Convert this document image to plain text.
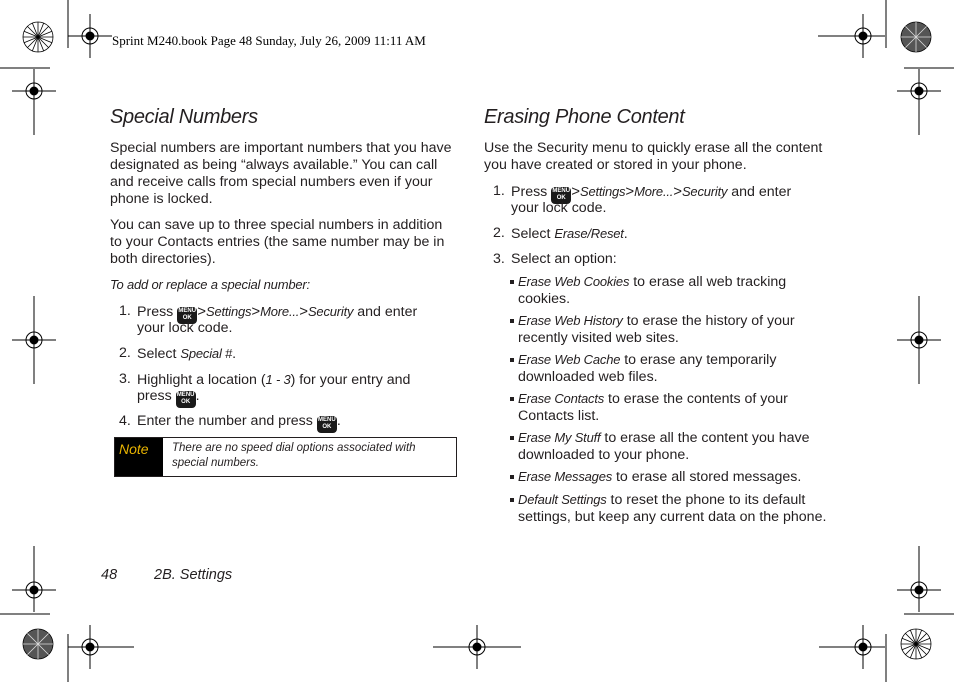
Sprint M240.book Page 48 Sunday, July 26, 2009 11:11 AM
Special Numbers
Special numbers are important numbers that you have
designated as being “always available.” You can call
and receive calls from special numbers even if your
phone is locked.
You can save up to three special numbers in addition
to your Contacts entries (the same number may be in
both directories).
To add or replace a special number:
1. Press MENU
OK >Settings>More...>Security and enter
your lock code.
2. Select Special #.
3. Highlight a location (1 - 3) for your entry and
press MENU
OK .
4. Enter the number and press MENU
OK .
Note There are no speed dial options associated with
special numbers.
Erasing Phone Content
Use the Security menu to quickly erase all the content
you have created or stored in your phone.
1. Press MENU
OK >Settings>More...>Security and enter
your lock code.
2. Select Erase/Reset.
3. Select an option:
Erase Web Cookies to erase all web tracking
cookies.
Erase Web History to erase the history of your
recently visited web sites.
Erase Web Cache to erase any temporarily
downloaded web files.
Erase Contacts to erase the contents of your
Contacts list.
Erase My Stuff to erase all the content you have
downloaded to your phone.
Erase Messages to erase all stored messages.
Default Settings to reset the phone to its default
settings, but keep any current data on the phone.
48	2B. Settings
